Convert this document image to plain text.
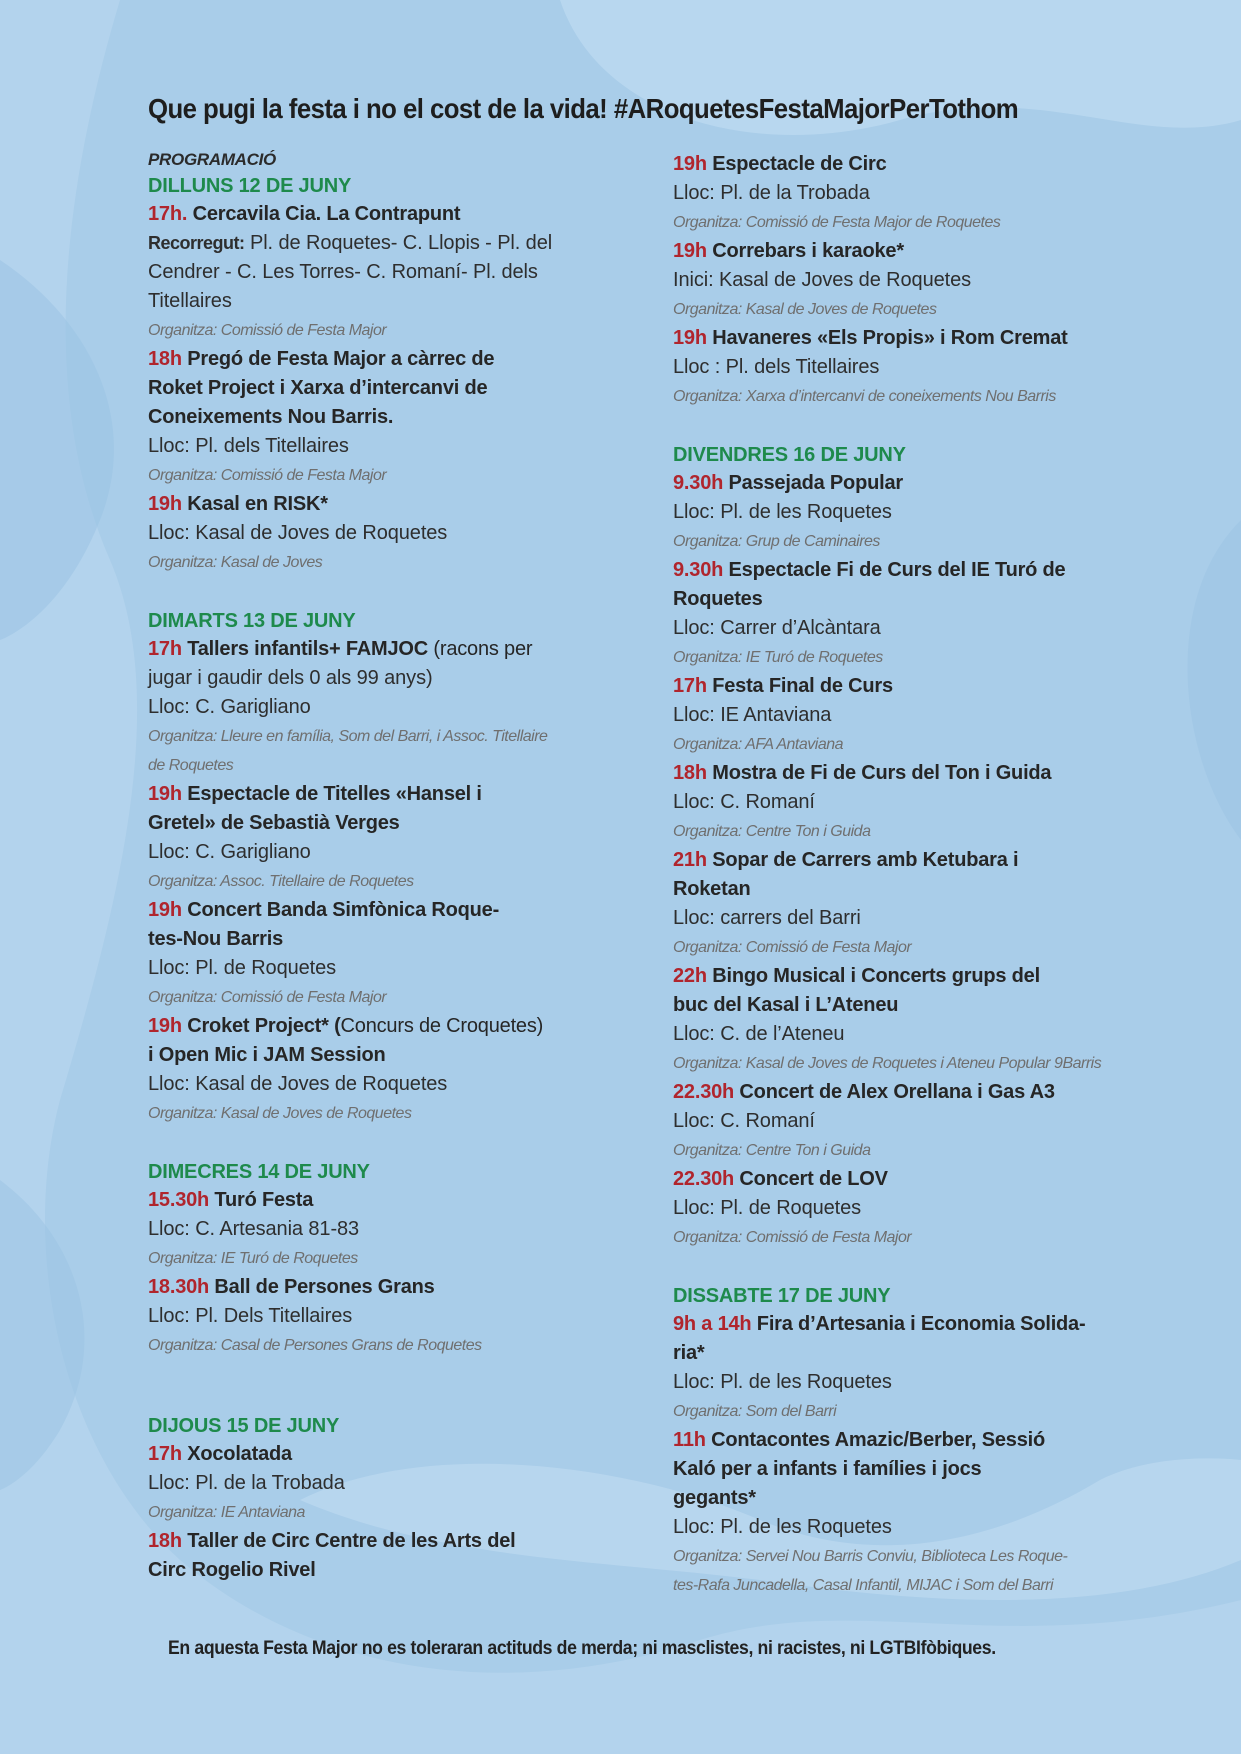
Que pugi la festa i no el cost de la vida! #ARoquetesFestaMajorPerTothom
PROGRAMACIÓ
DILLUNS 12 DE JUNY
17h. Cercavila Cia. La Contrapunt
Recorregut: Pl. de Roquetes- C. Llopis - Pl. del
Cendrer - C. Les Torres- C. Romaní- Pl. dels
Titellaires
Organitza: Comissió de Festa Major
18h Pregó de Festa Major a càrrec de
Roket Project i Xarxa d’intercanvi de
Coneixements Nou Barris.
Lloc: Pl. dels Titellaires
Organitza: Comissió de Festa Major
19h Kasal en RISK*
Lloc: Kasal de Joves de Roquetes
Organitza: Kasal de Joves
DIMARTS 13 DE JUNY
17h Tallers infantils+ FAMJOC (racons per
jugar i gaudir dels 0 als 99 anys)
Lloc: C. Garigliano
Organitza: Lleure en família, Som del Barri, i Assoc. Titellaire
de Roquetes
19h Espectacle de Titelles «Hansel i
Gretel» de Sebastià Verges
Lloc: C. Garigliano
Organitza: Assoc. Titellaire de Roquetes
19h Concert Banda Simfònica Roque-
tes-Nou Barris
Lloc: Pl. de Roquetes
Organitza: Comissió de Festa Major
19h Croket Project* (Concurs de Croquetes)
i Open Mic i JAM Session
Lloc: Kasal de Joves de Roquetes
Organitza: Kasal de Joves de Roquetes
DIMECRES 14 DE JUNY
15.30h Turó Festa
Lloc: C. Artesania 81-83
Organitza: IE Turó de Roquetes
18.30h Ball de Persones Grans
Lloc: Pl. Dels Titellaires
Organitza: Casal de Persones Grans de Roquetes
DIJOUS 15 DE JUNY
17h Xocolatada
Lloc: Pl. de la Trobada
Organitza: IE Antaviana
18h Taller de Circ Centre de les Arts del
Circ Rogelio Rivel
19h Espectacle de Circ
Lloc: Pl. de la Trobada
Organitza: Comissió de Festa Major de Roquetes
19h Correbars i karaoke*
Inici: Kasal de Joves de Roquetes
Organitza: Kasal de Joves de Roquetes
19h Havaneres «Els Propis» i Rom Cremat
Lloc : Pl. dels Titellaires
Organitza: Xarxa d’intercanvi de coneixements Nou Barris
DIVENDRES 16 DE JUNY
9.30h Passejada Popular
Lloc: Pl. de les Roquetes
Organitza: Grup de Caminaires
9.30h Espectacle Fi de Curs del IE Turó de
Roquetes
Lloc: Carrer d’Alcàntara
Organitza: IE Turó de Roquetes
17h Festa Final de Curs
Lloc: IE Antaviana
Organitza: AFA Antaviana
18h Mostra de Fi de Curs del Ton i Guida
Lloc: C. Romaní
Organitza: Centre Ton i Guida
21h Sopar de Carrers amb Ketubara i
Roketan
Lloc: carrers del Barri
Organitza: Comissió de Festa Major
22h Bingo Musical i Concerts grups del
buc del Kasal i L’Ateneu
Lloc: C. de l’Ateneu
Organitza: Kasal de Joves de Roquetes i Ateneu Popular 9Barris
22.30h Concert de Alex Orellana i Gas A3
Lloc: C. Romaní
Organitza: Centre Ton i Guida
22.30h Concert de LOV
Lloc: Pl. de Roquetes
Organitza: Comissió de Festa Major
DISSABTE 17 DE JUNY
9h a 14h Fira d’Artesania i Economia Solida-
ria*
Lloc: Pl. de les Roquetes
Organitza: Som del Barri
11h Contacontes Amazic/Berber, Sessió
Kaló per a infants i famílies i jocs
gegants*
Lloc: Pl. de les Roquetes
Organitza: Servei Nou Barris Conviu, Biblioteca Les Roque-
tes-Rafa Juncadella, Casal Infantil, MIJAC i Som del Barri
En aquesta Festa Major no es toleraran actituds de merda; ni masclistes, ni racistes, ni LGTBIfòbiques.
